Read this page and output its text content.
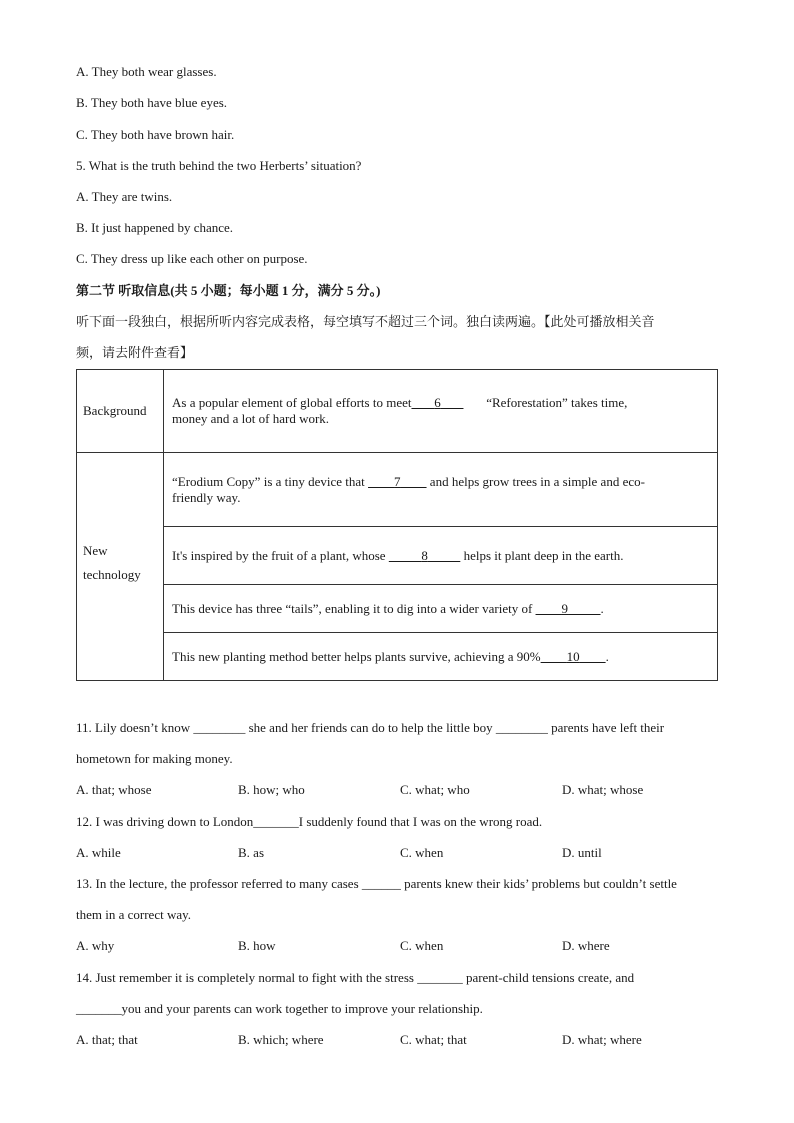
A. They both wear glasses.
B. They both have blue eyes.
C. They both have brown hair.
5. What is the truth behind the two Herberts’ situation?
A. They are twins.
B. It just happened by chance.
C. They dress up like each other on purpose.
第二节 听取信息(共 5 小题；每小题 1 分，满分 5 分。)
听下面一段独白，根据所听内容完成表格，每空填写不超过三个词。独白读两遍。【此处可播放相关音
频，请去附件查看】
Background	As a popular element of global efforts to meet 6 “Reforestation” takes time,
money and a lot of hard work.
New
technology	“Erodium Copy” is a tiny device that 7 and helps grow trees in a simple and eco-
friendly way.
	It's inspired by the fruit of a plant, whose 8 helps it plant deep in the earth.
	This device has three “tails”, enabling it to dig into a wider variety of 9 .
	This new planting method better helps plants survive, achieving a 90% 10 .
11. Lily doesn’t know ________ she and her friends can do to help the little boy ________ parents have left their
hometown for making money.
A. that; whose	B. how; who	C. what; who	D. what; whose
12. I was driving down to London_______I suddenly found that I was on the wrong road.
A. while	B. as	C. when	D. until
13. In the lecture, the professor referred to many cases ______ parents knew their kids’ problems but couldn’t settle
them in a correct way.
A. why	B. how	C. when	D. where
14. Just remember it is completely normal to fight with the stress _______ parent-child tensions create, and
_______you and your parents can work together to improve your relationship.
A. that; that	B. which; where	C. what; that	D. what; where
